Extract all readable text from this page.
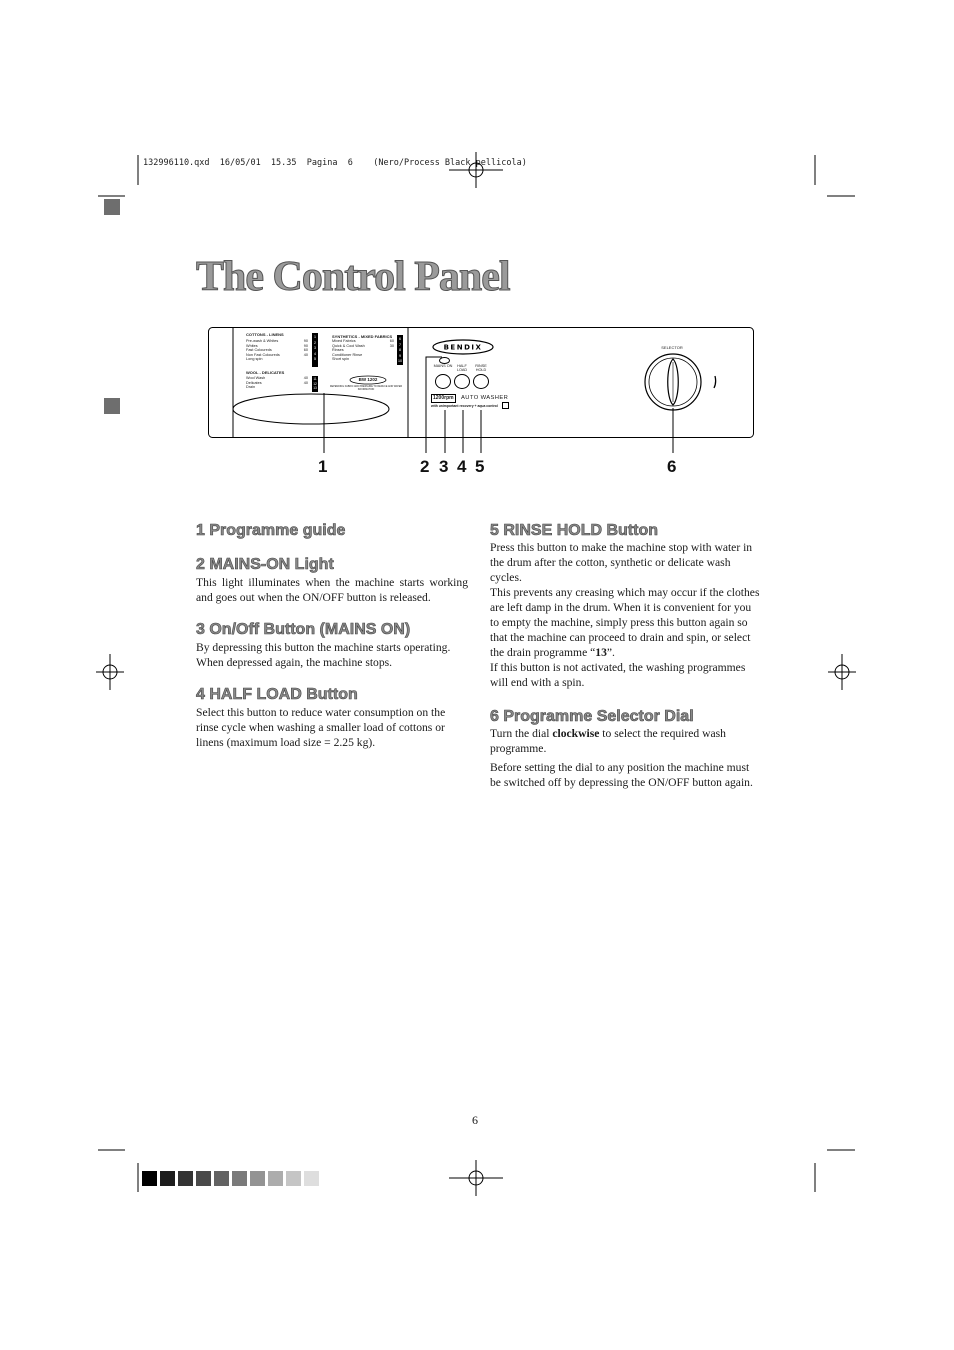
132996110.qxd  16/05/01  15.35  Pagina  6    (Nero/Process Black pellicola)
The Control Panel
COTTONS - LINENS
Pre-wash & Whites	90
Whites	90
Fast Coloureds	60
Non Fast Coloureds	40
Long spin
WOOL - DELICATES
Wool Wash	40
Delicates	40
Drain
SYNTHETICS - MIXED FABRICS
Mixed Fabrics	60
Quick & Cool Wash	30
Rinses
Conditioner Rinse
Short spin
1 2 3 4 5
6 7 8 9 10
11 12 13
BW 1202
DEPENDING FABRIC AND PRESSURE TO REDUCE AND WATER INFORMATION
BENDIX
MAINS ON	HALF LOAD
RINSE HOLD
1200rpm	AUTO WASHER
with unimportant recovery + aqua control
SELECTOR
1	2 3 4 5	6
1 Programme guide
2 MAINS-ON Light

This light illuminates when the machine starts working and goes out when the ON/OFF button is released.

3 On/Off Button (MAINS ON)

By depressing this button the machine starts operating. When depressed again, the machine stops.

4 HALF LOAD Button

Select this button to reduce water consumption on the rinse cycle when washing a smaller load of cottons or linens (maximum load size = 2.25 kg).

5 RINSE HOLD Button

Press this button to make the machine stop with water in the drum after the cotton, synthetic or delicate wash cycles.

This prevents any creasing which may occur if the clothes are left damp in the drum. When it is convenient for you to empty the machine, simply press this button again so that the machine can proceed to drain and spin, or select the drain programme “13”.

If this button is not activated, the washing programmes will end with a spin.

6 Programme Selector Dial

Turn the dial clockwise to select the required wash programme.

Before setting the dial to any position the machine must be switched off by depressing the ON/OFF button again.

6
